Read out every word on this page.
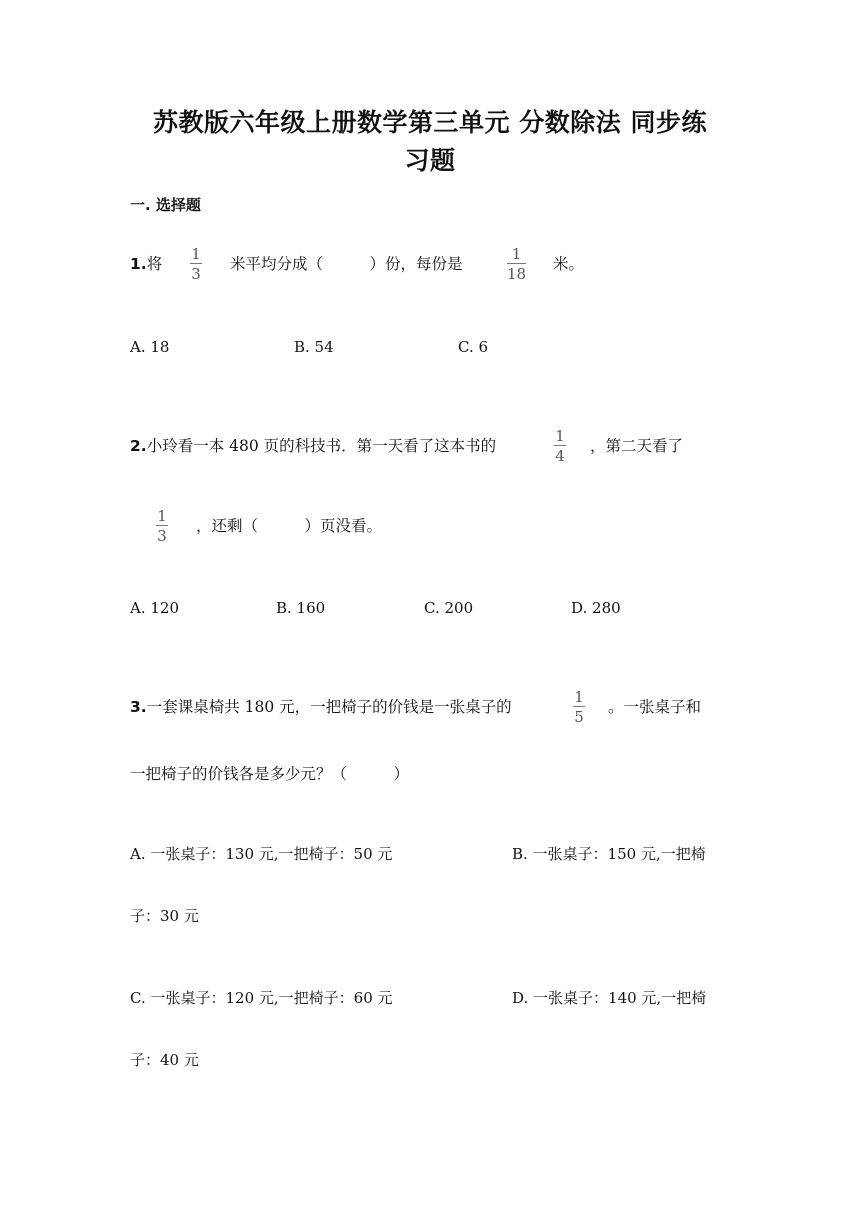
苏教版六年级上册数学第三单元 分数除法 同步练
习题
一. 选择题
1.将
1
3
米平均分成（　　　）份，每份是
1
18
米。
A. 18	B. 54	C. 6
2.小玲看一本 480 页的科技书．第一天看了这本书的
1
4
，第二天看了
1
3
，还剩（　　　）页没看。
A. 120	B. 160	C. 200	D. 280
3.一套课桌椅共 180 元，一把椅子的价钱是一张桌子的
1
5
。一张桌子和
一把椅子的价钱各是多少元？（　　　）
A. 一张桌子：130 元,一把椅子：50 元	B. 一张桌子：150 元,一把椅
子：30 元
C. 一张桌子：120 元,一把椅子：60 元	D. 一张桌子：140 元,一把椅
子：40 元
